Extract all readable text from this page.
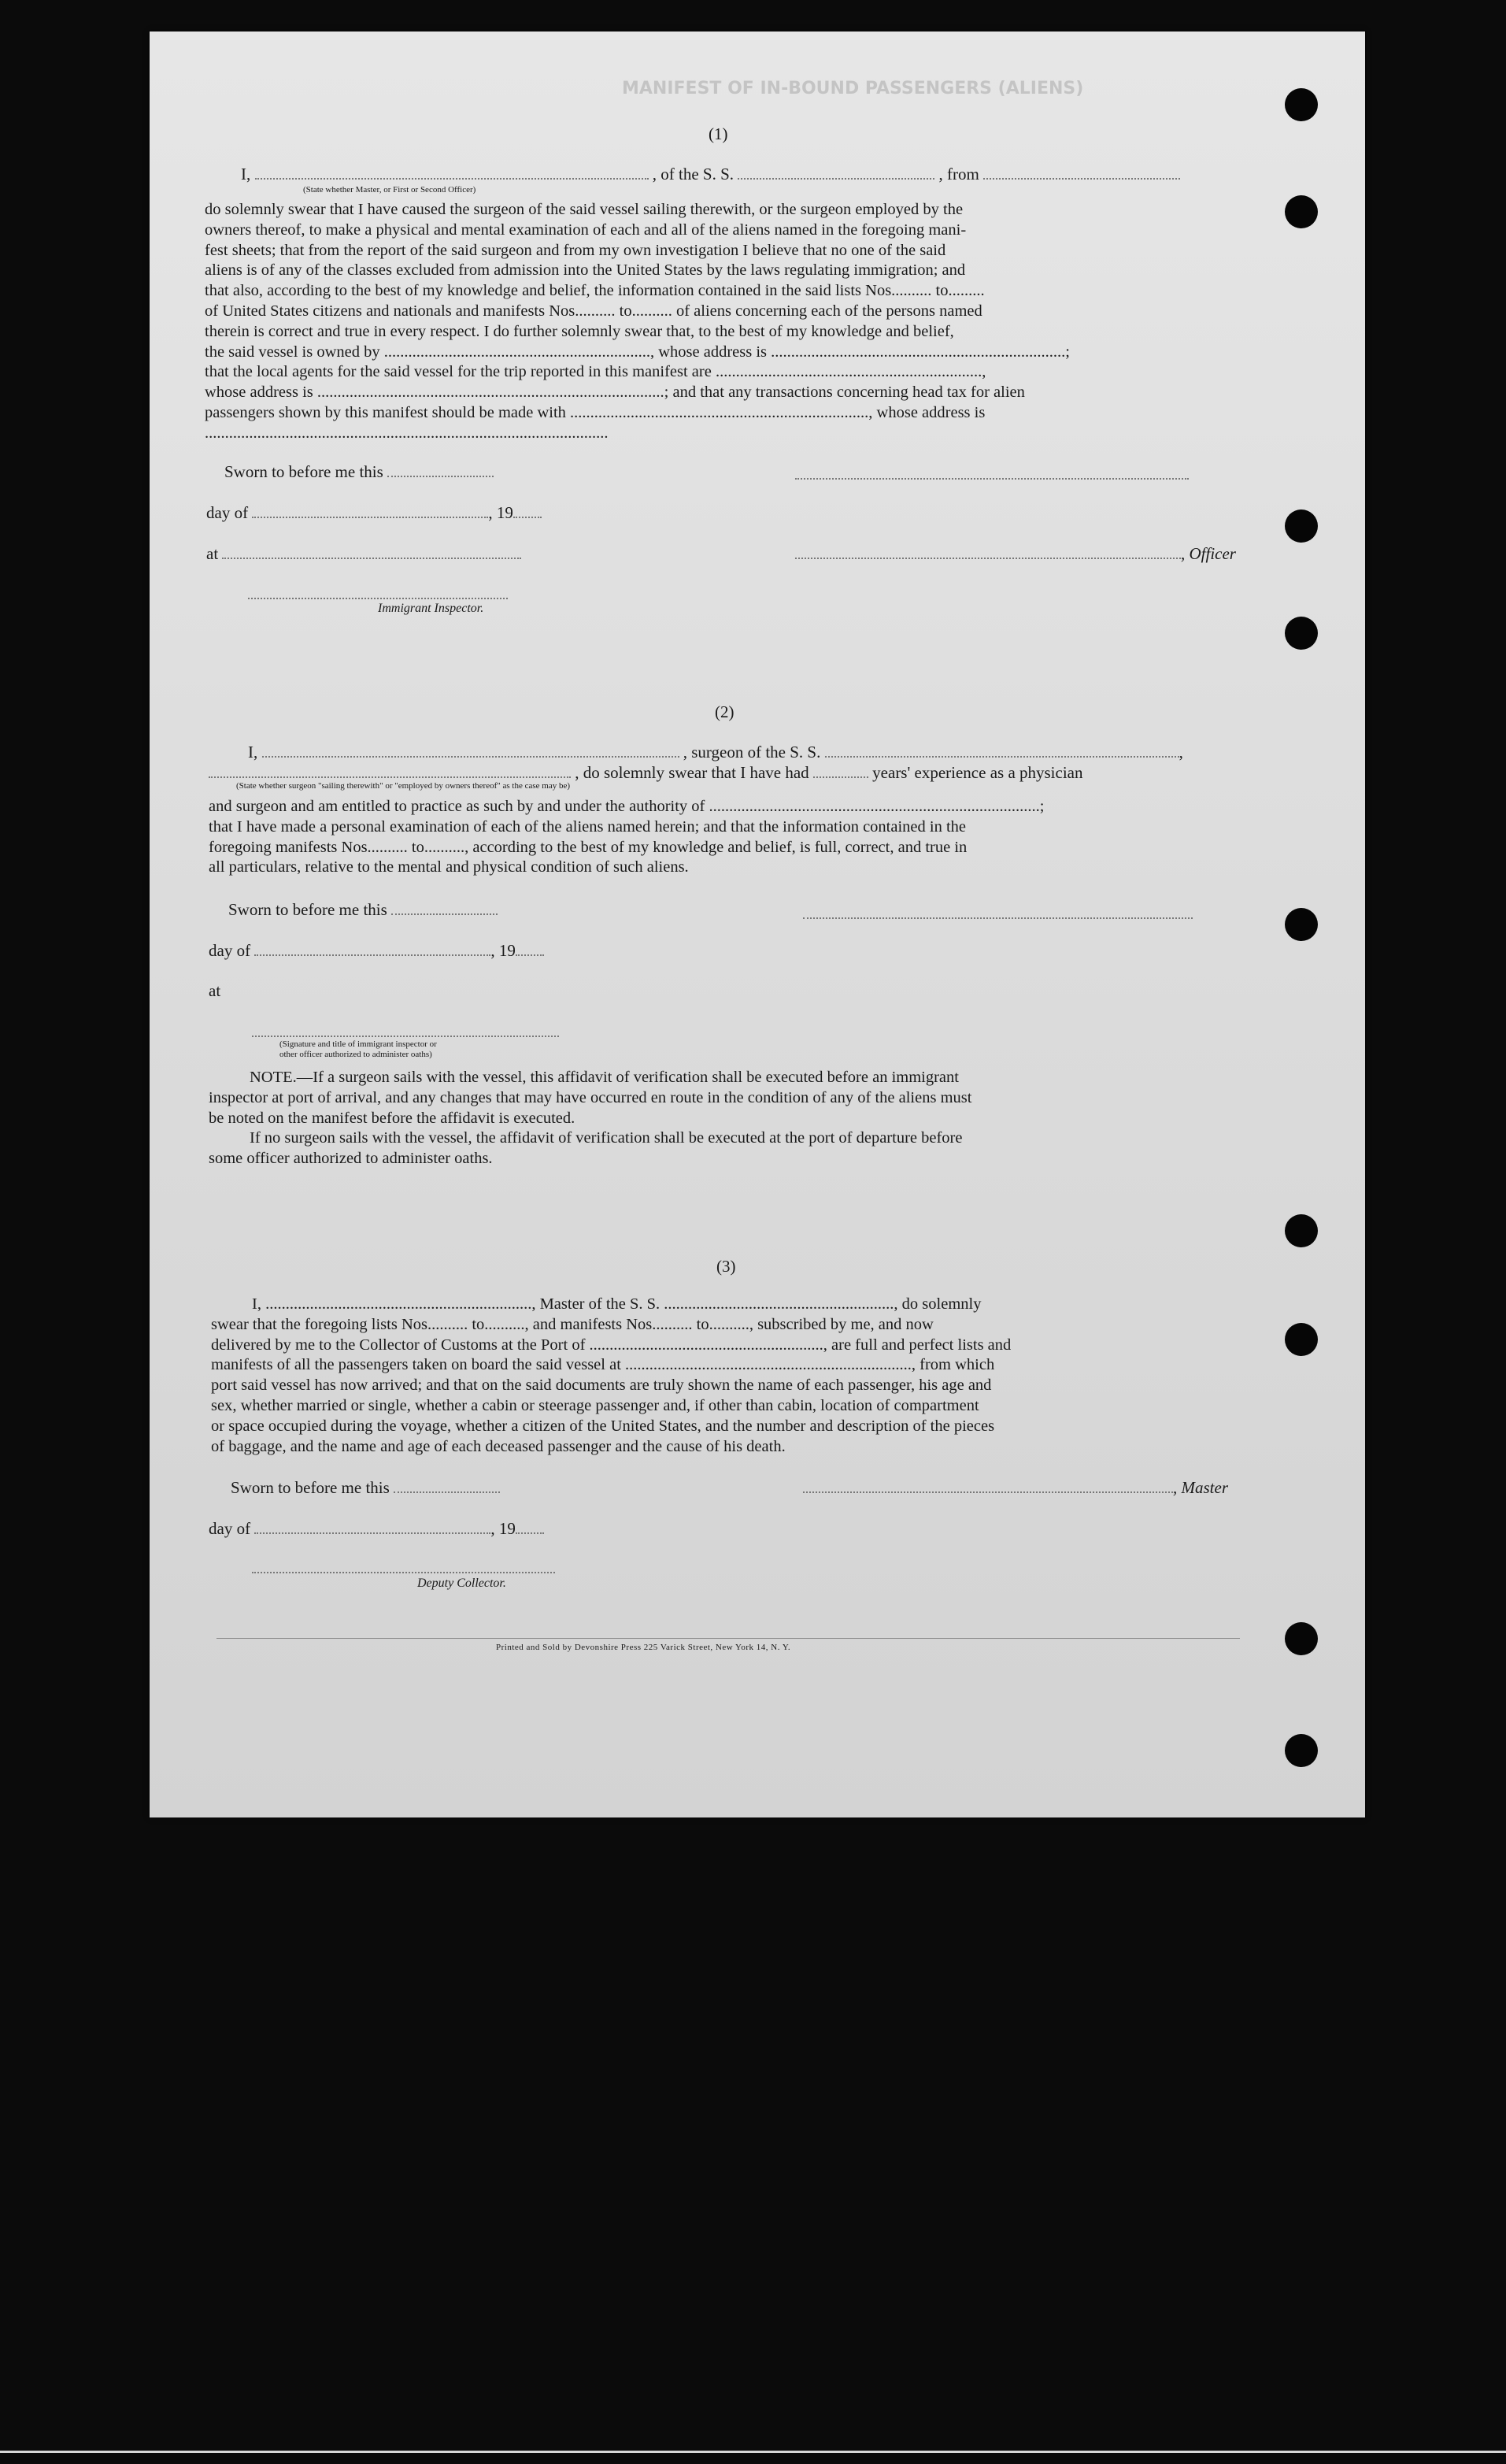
MANIFEST OF IN-BOUND PASSENGERS (ALIENS)

(1)
I,	, of the S. S.	, from
(State whether Master, or First or Second Officer)
do solemnly swear that I have caused the surgeon of the said vessel sailing therewith, or the surgeon employed by the
owners thereof, to make a physical and mental examination of each and all of the aliens named in the foregoing mani-
fest sheets; that from the report of the said surgeon and from my own investigation I believe that no one of the said
aliens is of any of the classes excluded from admission into the United States by the laws regulating immigration; and
that also, according to the best of my knowledge and belief, the information contained in the said lists Nos.......... to.........
of United States citizens and nationals and manifests Nos.......... to.......... of aliens concerning each of the persons named
therein is correct and true in every respect. I do further solemnly swear that, to the best of my knowledge and belief,
the said vessel is owned by .................................................................., whose address is .........................................................................;
that the local agents for the said vessel for the trip reported in this manifest are ..................................................................,
whose address is ......................................................................................; and that any transactions concerning head tax for alien
passengers shown by this manifest should be made with .........................................................................., whose address is
....................................................................................................
Sworn to before me this
day of	, 19
at	, Officer
Immigrant Inspector.
(2)
I,	, surgeon of the S. S.	,
, do solemnly swear that I have had	years' experience as a physician
(State whether surgeon "sailing therewith" or "employed by owners thereof" as the case may be)
and surgeon and am entitled to practice as such by and under the authority of ..................................................................................;
that I have made a personal examination of each of the aliens named herein; and that the information contained in the
foregoing manifests Nos.......... to.........., according to the best of my knowledge and belief, is full, correct, and true in
all particulars, relative to the mental and physical condition of such aliens.
Sworn to before me this
day of	, 19
at
(Signature and title of immigrant inspector or
other officer authorized to administer oaths)
NOTE.—If a surgeon sails with the vessel, this affidavit of verification shall be executed before an immigrant
inspector at port of arrival, and any changes that may have occurred en route in the condition of any of the aliens must
be noted on the manifest before the affidavit is executed.
If no surgeon sails with the vessel, the affidavit of verification shall be executed at the port of departure before
some officer authorized to administer oaths.
(3)
I, .................................................................., Master of the S. S. ........................................................., do solemnly
swear that the foregoing lists Nos.......... to.........., and manifests Nos.......... to.........., subscribed by me, and now
delivered by me to the Collector of Customs at the Port of .........................................................., are full and perfect lists and
manifests of all the passengers taken on board the said vessel at ......................................................................., from which
port said vessel has now arrived; and that on the said documents are truly shown the name of each passenger, his age and
sex, whether married or single, whether a cabin or steerage passenger and, if other than cabin, location of compartment
or space occupied during the voyage, whether a citizen of the United States, and the number and description of the pieces
of baggage, and the name and age of each deceased passenger and the cause of his death.
Sworn to before me this	, Master
day of	, 19
Deputy Collector.
Printed and Sold by Devonshire Press 225 Varick Street, New York 14, N. Y.
